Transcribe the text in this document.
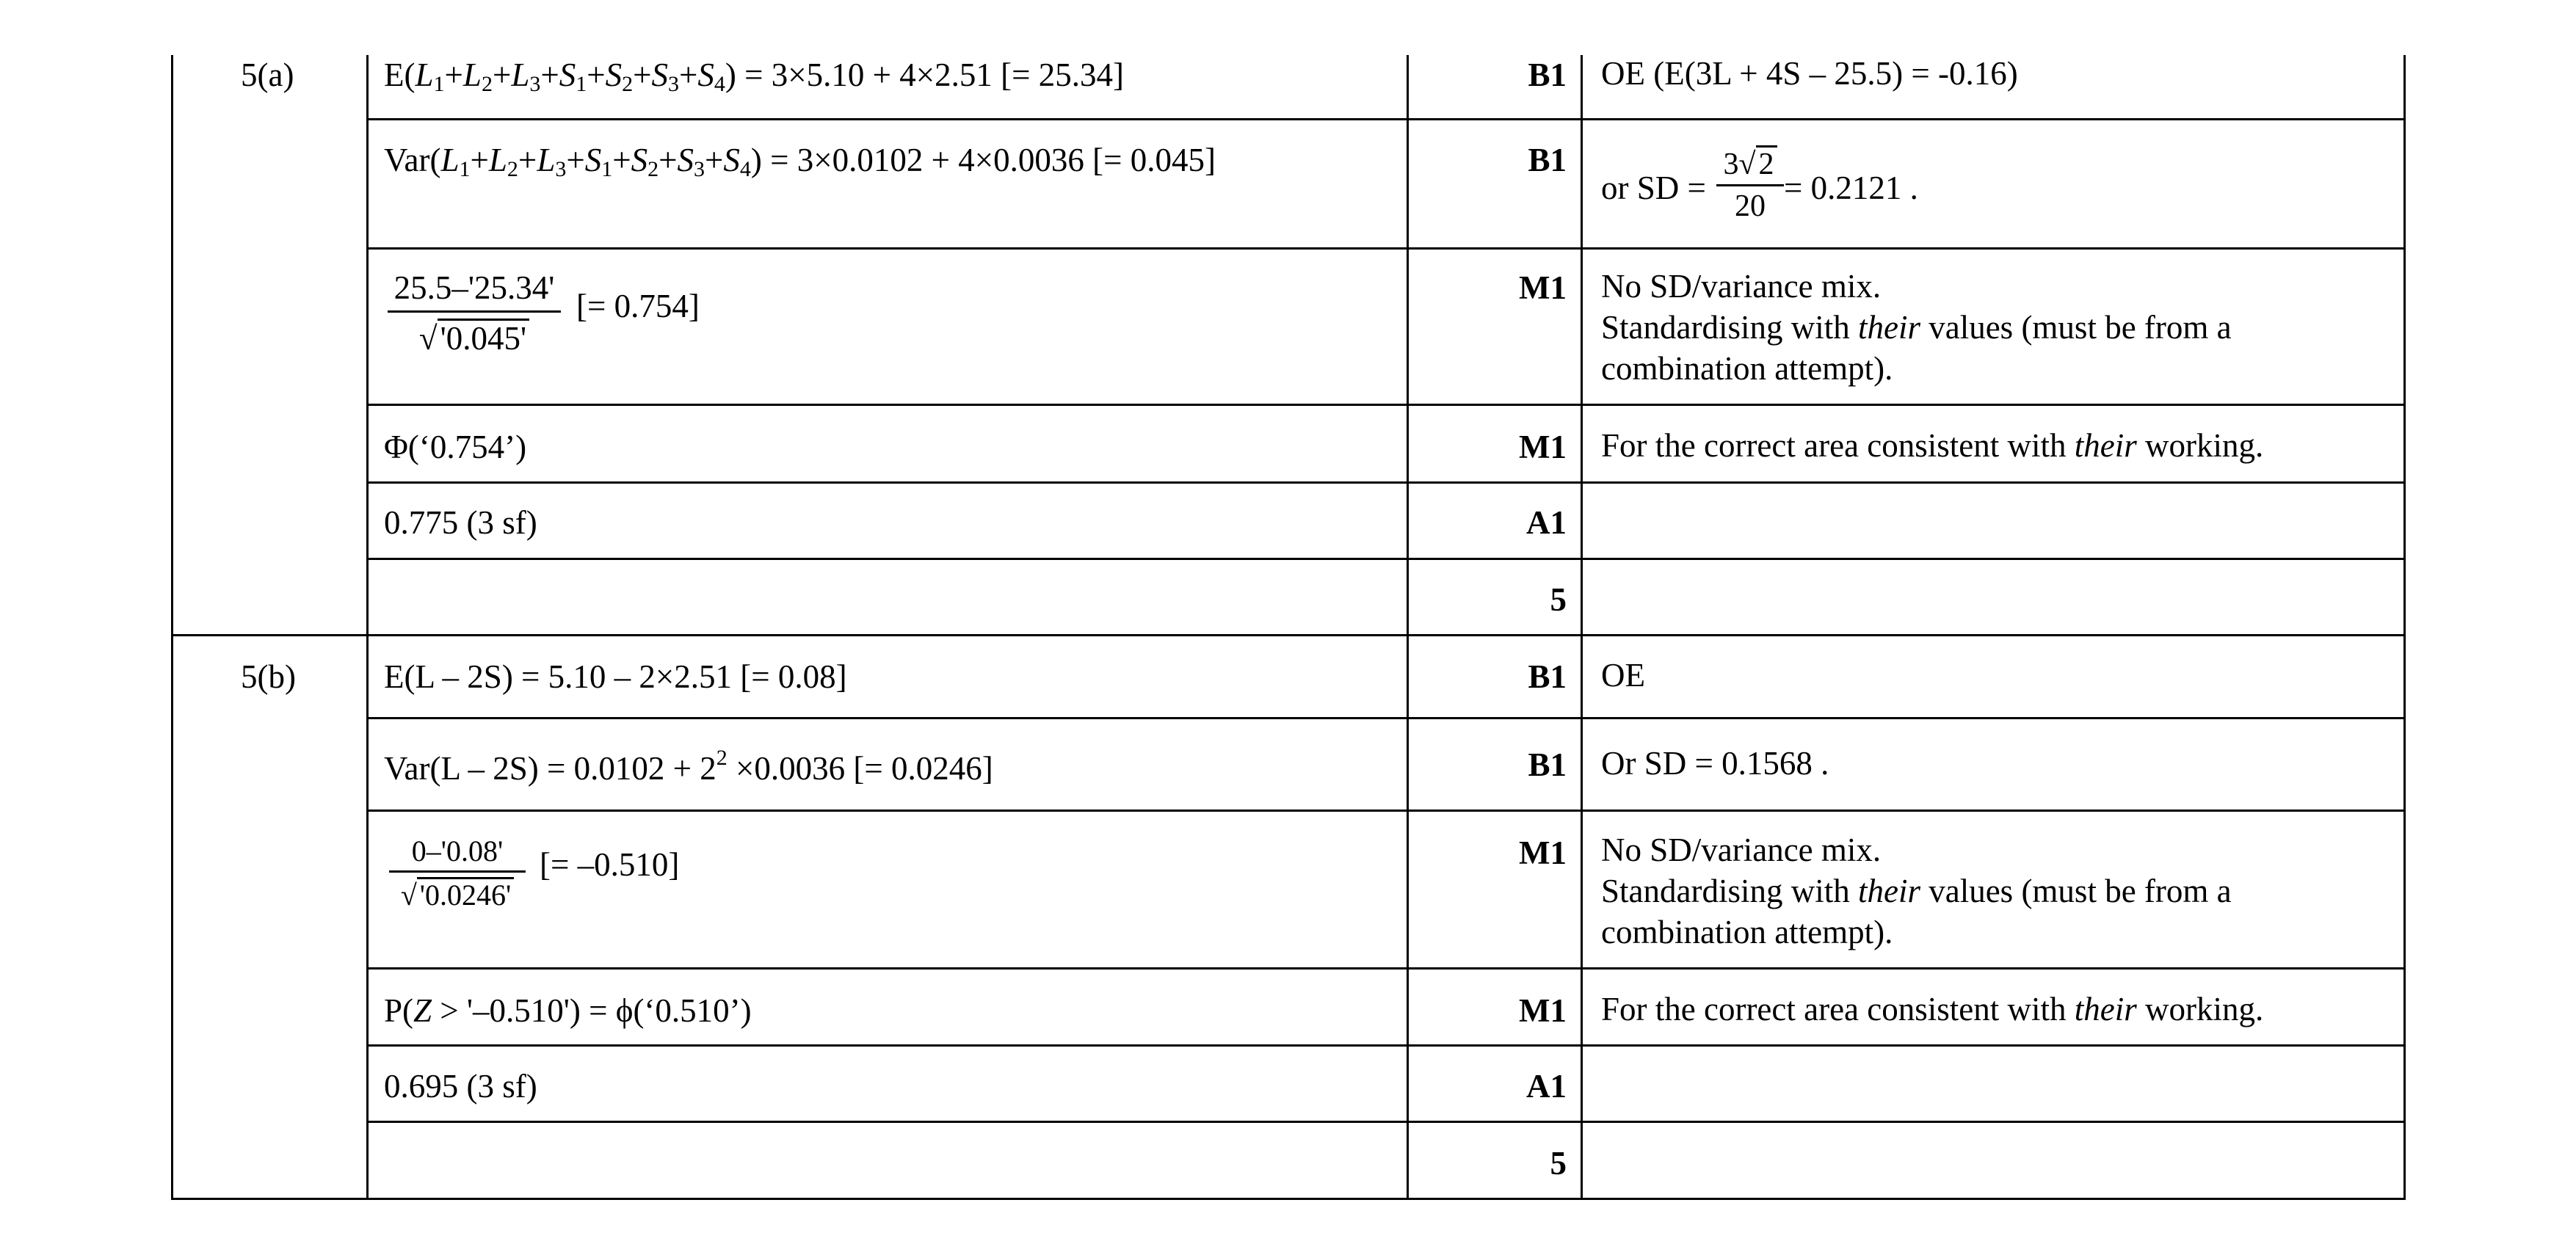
5(a)	$E(L_1+L_2+L_3+S_1+S_2+S_3+S_4) = 3\times 5.10 + 4\times 2.51$ [= 25.34]	B1 OE (E(3L + 4S – 25.5) = -0.16)
$Var(L_1+L_2+L_3+S_1+S_2+S_3+S_4) = 3\times 0.0102 + 4\times 0.0036$ [= 0.045]	B1
or SD =
3√2
20 = 0.2121 .
25.5–'25.34'
√'0.045'
[= 0.754]	M1 No SD/variance mix.
Standardising with their values (must be from a
combination attempt).
Φ(‘0.754’)	M1 For the correct area consistent with their working.
0.775 (3 sf)	A1
5
5(b)	E(L – 2S) = 5.10 – 2×2.51 [= 0.08]	B1 OE
$Var(L - 2S) = 0.0102 + 2^2 \times 0.0036$ [= 0.0246]	B1 Or SD = 0.1568 .
0–'0.08'
√ '0.0246'
[= –0.510]	M1 No SD/variance mix.
Standardising with their values (must be from a
combination attempt).
P(Z > '–0.510') = ϕ(‘0.510’)	M1 For the correct area consistent with their working.
0.695 (3 sf)	A1
5
